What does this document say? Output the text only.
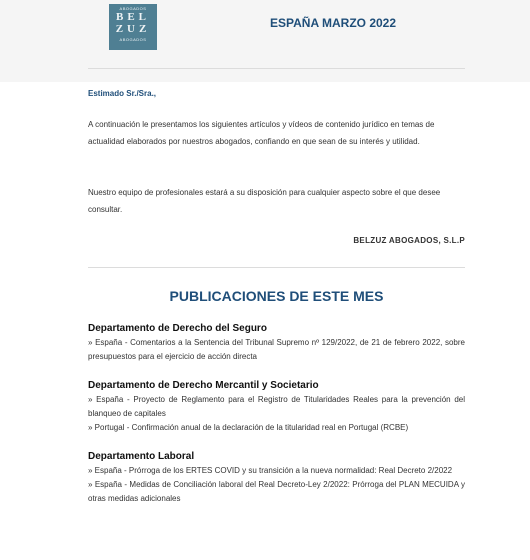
ABOGADOS
BEL
ZUZ
ABOGADOS
ESPAÑA MARZO 2022
Estimado Sr./Sra.,
A continuación le presentamos los siguientes artículos y vídeos de contenido jurídico en temas de actualidad elaborados por nuestros abogados, confiando en que sean de su interés y utilidad.
Nuestro equipo de profesionales estará a su disposición para cualquier aspecto sobre el que desee consultar.
BELZUZ ABOGADOS, S.L.P
PUBLICACIONES DE ESTE MES
Departamento de Derecho del Seguro
» España - Comentarios a la Sentencia del Tribunal Supremo nº 129/2022, de 21 de febrero 2022, sobre presupuestos para el ejercicio de acción directa
Departamento de Derecho Mercantil y Societario
» España - Proyecto de Reglamento para el Registro de Titularidades Reales para la prevención del blanqueo de capitales
» Portugal - Confirmación anual de la declaración de la titularidad real en Portugal (RCBE)
Departamento Laboral
» España - Prórroga de los ERTES COVID y su transición a la nueva normalidad: Real Decreto 2/2022
» España - Medidas de Conciliación laboral del Real Decreto-Ley 2/2022: Prórroga del PLAN MECUIDA y otras medidas adicionales
